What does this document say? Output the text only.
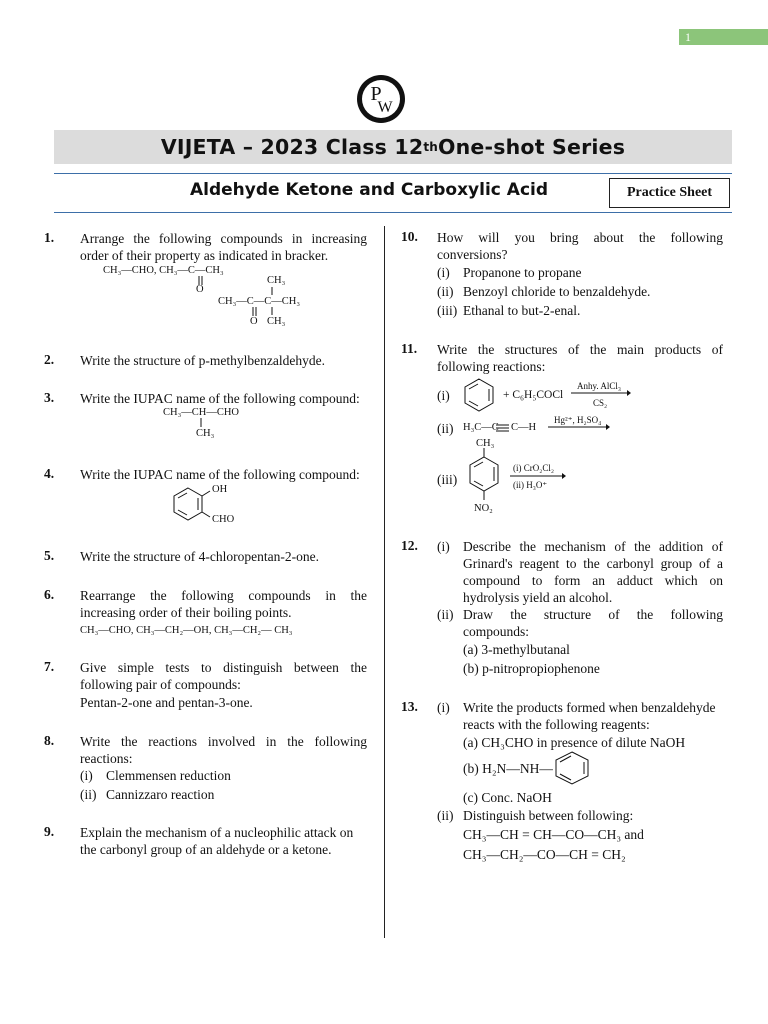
1
P
W
VIJETA – 2023 Class 12 th One-shot Series
Aldehyde Ketone and Carboxylic Acid	Practice Sheet
1. Arrange the following compounds in increasing order of their property as indicated in bracker.
CH₃—CHO, CH₃—C—CH₃
O
CH₃
CH₃—C—C—CH₃
O CH₃
2. Write the structure of p-methylbenzaldehyde.
3. Write the IUPAC name of the following compound:
CH₃—CH—CHO
CH₃
4. Write the IUPAC name of the following compound:
OH
CHO
5. Write the structure of 4-chloropentan-2-one.
6. Rearrange the following compounds in the increasing order of their boiling points.
CH₃—CHO, CH₃—CH₂—OH, CH₃—CH₂— CH₃
7. Give simple tests to distinguish between the following pair of compounds:
Pentan-2-one and pentan-3-one.
8. Write the reactions involved in the following reactions:
(i) Clemmensen reduction
(ii) Cannizzaro reaction
9. Explain the mechanism of a nucleophilic attack on the carbonyl group of an aldehyde or a ketone.
10. How will you bring about the following conversions?
(i) Propanone to propane
(ii) Benzoyl chloride to benzaldehyde.
(iii) Ethanal to but-2-enal.
11. Write the structures of the main products of following reactions:
(i)	+ C₆H₅COCl
Anhy. AlCl₃
CS₂
(ii) H₃C—C C—H
Hg²⁺, H₂SO₄
(iii)
CH₃
NO₂
(i) CrO₂Cl₂
(ii) H₃O⁺
12. (i) Describe the mechanism of the addition of Grinard's reagent to the carbonyl group of a compound to form an adduct which on hydrolysis yield an alcohol.
(ii) Draw the structure of the following compounds:
(a) 3-methylbutanal
(b) p-nitropropiophenone
13. (i) Write the products formed when benzaldehyde reacts with the following reagents:
(a) CH₃CHO in presence of dilute NaOH
(b) H₂N—NH—
(c) Conc. NaOH
(ii) Distinguish between following:
CH₃—CH = CH—CO—CH₃ and
CH₃—CH₂—CO—CH = CH₂
